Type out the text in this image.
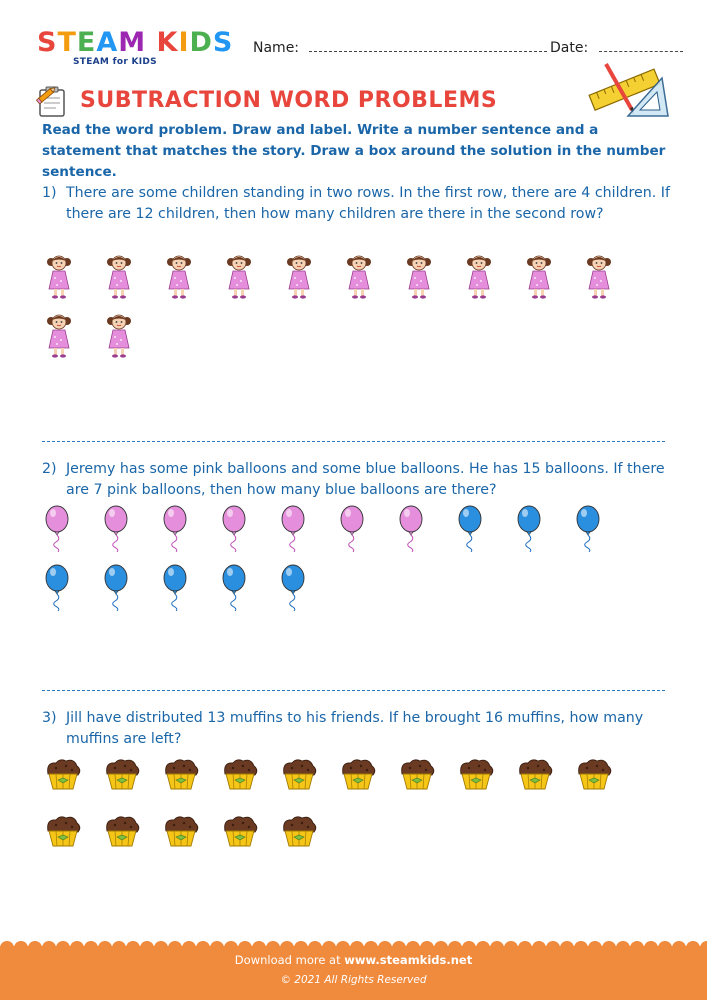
STEAM KIDS
STEAM for KIDS
Name:	Date:
SUBTRACTION WORD PROBLEMS
Read the word problem. Draw and label. Write a number sentence and a statement that matches the story. Draw a box around the solution in the number sentence.
1) There are some children standing in two rows. In the first row, there are 4 children. If there are 12 children, then how many children are there in the second row?
2) Jeremy has some pink balloons and some blue balloons. He has 15 balloons. If there are 7 pink balloons, then how many blue balloons are there?
3) Jill have distributed 13 muffins to his friends. If he brought 16 muffins, how many muffins are left?
Download more at www.steamkids.net
© 2021 All Rights Reserved
